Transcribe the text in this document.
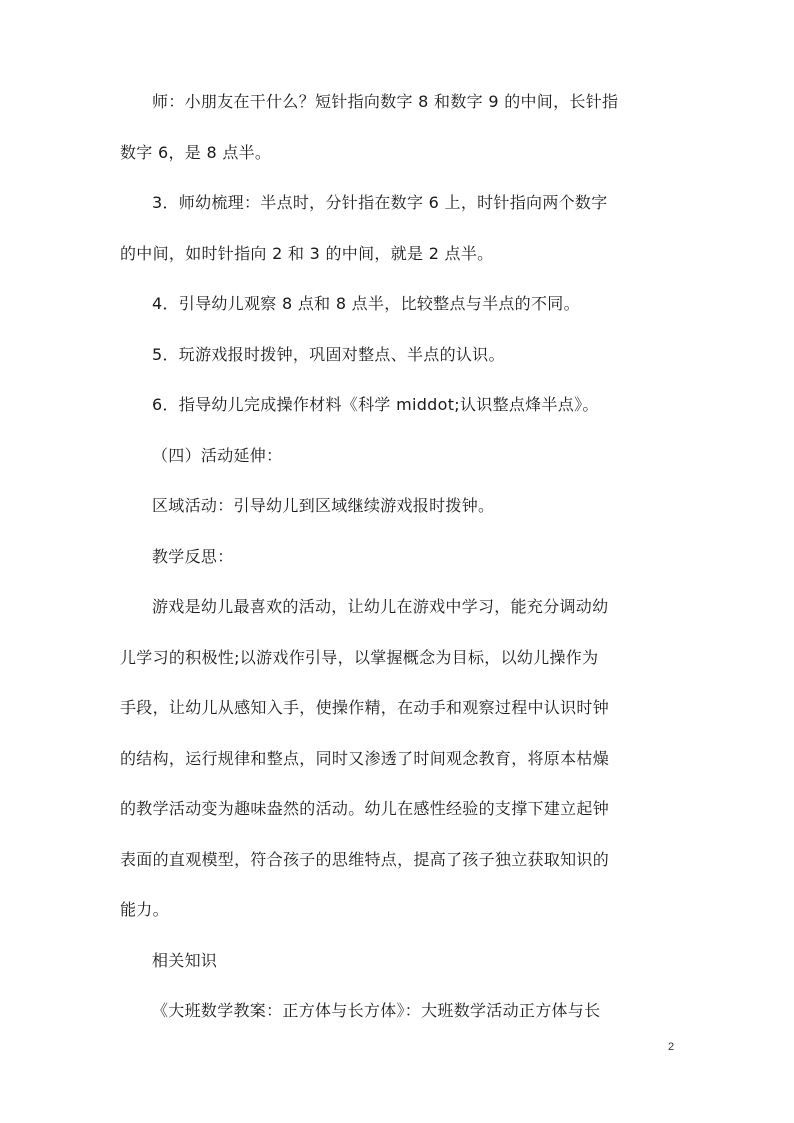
师：小朋友在干什么？短针指向数字 8 和数字 9 的中间，长针指
数字 6，是 8 点半。
3．师幼梳理：半点时，分针指在数字 6 上，时针指向两个数字
的中间，如时针指向 2 和 3 的中间，就是 2 点半。
4．引导幼儿观察 8 点和 8 点半，比较整点与半点的不同。
5．玩游戏报时拨钟，巩固对整点、半点的认识。
6．指导幼儿完成操作材料《科学 middot;认识整点烽半点》。
（四）活动延伸：
区域活动：引导幼儿到区域继续游戏报时拨钟。
教学反思：
游戏是幼儿最喜欢的活动，让幼儿在游戏中学习，能充分调动幼
儿学习的积极性;以游戏作引导，以掌握概念为目标，以幼儿操作为
手段，让幼儿从感知入手，使操作精，在动手和观察过程中认识时钟
的结构，运行规律和整点，同时又渗透了时间观念教育，将原本枯燥
的教学活动变为趣味盎然的活动。幼儿在感性经验的支撑下建立起钟
表面的直观模型，符合孩子的思维特点，提高了孩子独立获取知识的
能力。
相关知识
《大班数学教案：正方体与长方体》：大班数学活动正方体与长
2
